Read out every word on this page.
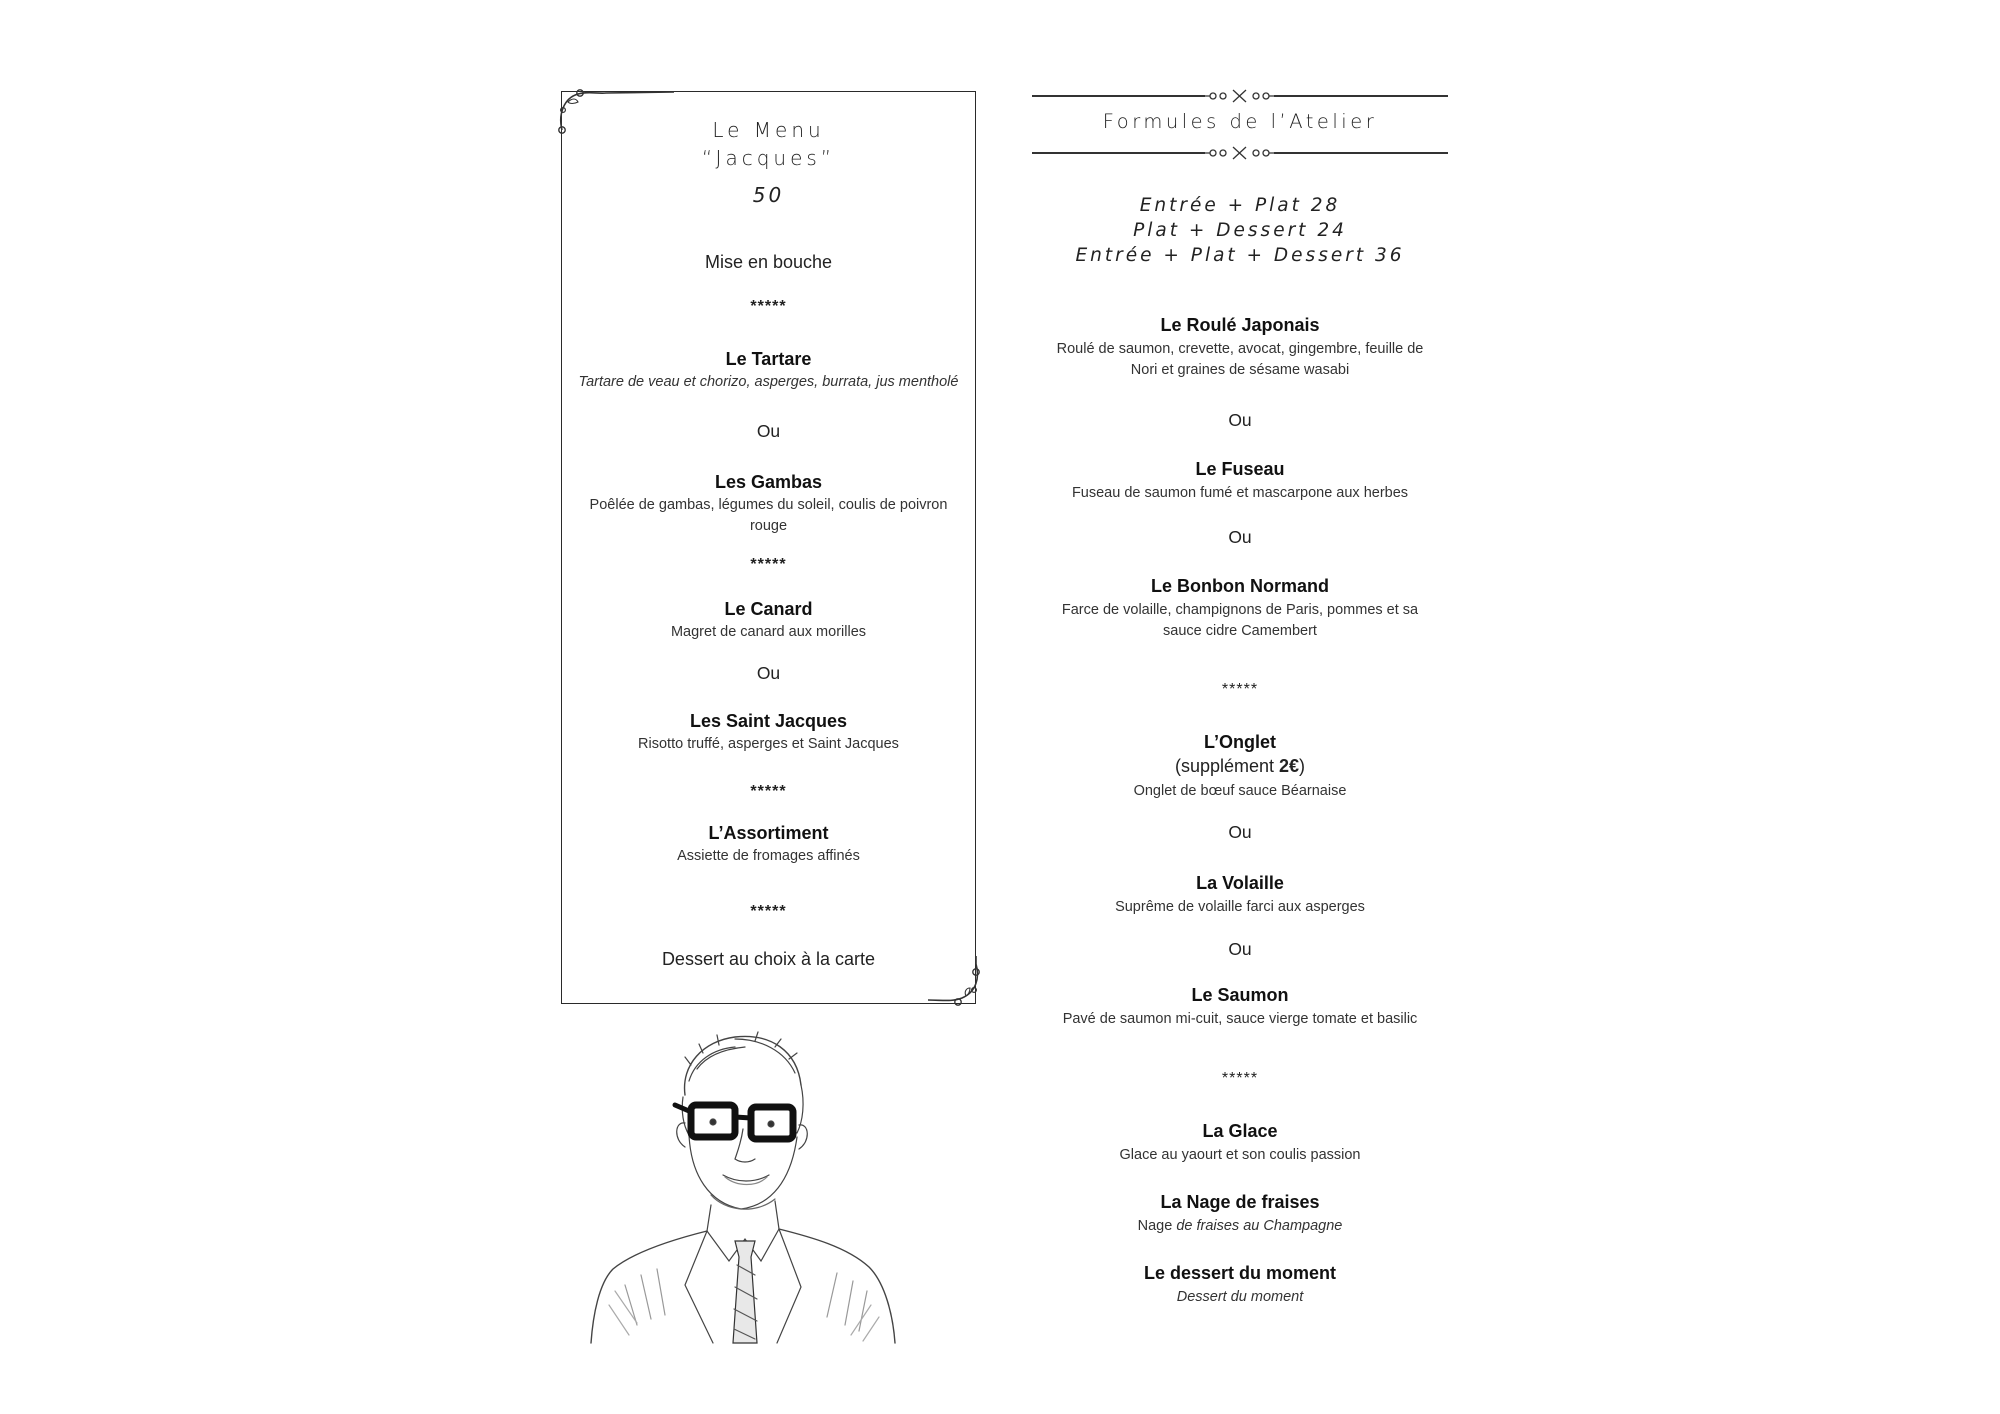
Le Menu
“Jacques”
50
Mise en bouche
*****
Le Tartare
Tartare de veau et chorizo, asperges, burrata, jus mentholé
Ou
Les Gambas
Poêlée de gambas, légumes du soleil, coulis de poivron
rouge
*****
Le Canard
Magret de canard aux morilles
Ou
Les Saint Jacques
Risotto truffé, asperges et Saint Jacques
*****
L’Assortiment
Assiette de fromages affinés
*****
Dessert au choix à la carte
Formules de l’Atelier
Entrée + Plat 28
Plat + Dessert 24
Entrée + Plat + Dessert 36
Le Roulé Japonais
Roulé de saumon, crevette, avocat, gingembre, feuille de
Nori et graines de sésame wasabi
Ou
Le Fuseau
Fuseau de saumon fumé et mascarpone aux herbes
Ou
Le Bonbon Normand
Farce de volaille, champignons de Paris, pommes et sa
sauce cidre Camembert
*****
L’Onglet
(supplément 2€)
Onglet de bœuf sauce Béarnaise
Ou
La Volaille
Suprême de volaille farci aux asperges
Ou
Le Saumon
Pavé de saumon mi-cuit, sauce vierge tomate et basilic
*****
La Glace
Glace au yaourt et son coulis passion
La Nage de fraises
Nage de fraises au Champagne
Le dessert du moment
Dessert du moment
